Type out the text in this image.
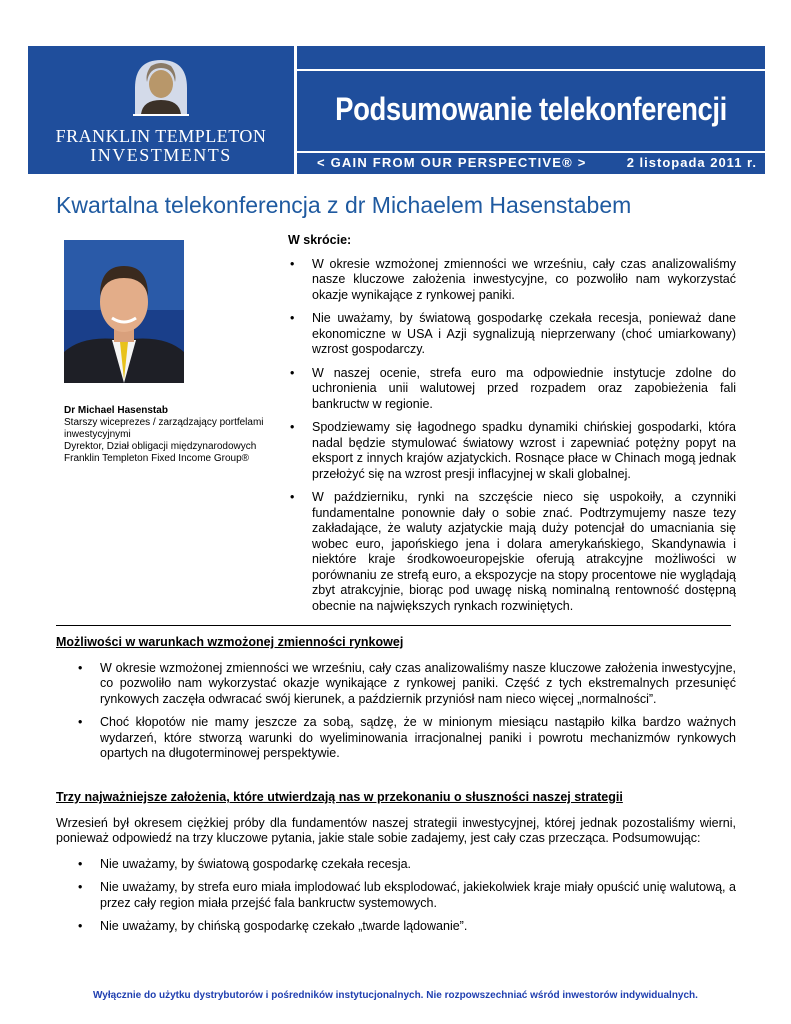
FRANKLIN TEMPLETON
INVESTMENTS
Podsumowanie telekonferencji
< GAIN FROM OUR PERSPECTIVE® >	2 listopada 2011 r.
Kwartalna telekonferencja z dr Michaelem Hasenstabem
Dr Michael Hasenstab
Starszy wiceprezes / zarządzający portfelami inwestycyjnymi
Dyrektor, Dział obligacji międzynarodowych
Franklin Templeton Fixed Income Group®
W skrócie:
• W okresie wzmożonej zmienności we wrześniu, cały czas analizowaliśmy nasze kluczowe założenia inwestycyjne, co pozwoliło nam wykorzystać okazje wynikające z rynkowej paniki.
• Nie uważamy, by światową gospodarkę czekała recesja, ponieważ dane ekonomiczne w USA i Azji sygnalizują nieprzerwany (choć umiarkowany) wzrost gospodarczy.
• W naszej ocenie, strefa euro ma odpowiednie instytucje zdolne do uchronienia unii walutowej przed rozpadem oraz zapobieżenia fali bankructw w regionie.
• Spodziewamy się łagodnego spadku dynamiki chińskiej gospodarki, która nadal będzie stymulować światowy wzrost i zapewniać potężny popyt na eksport z innych krajów azjatyckich. Rosnące płace w Chinach mogą jednak przełożyć się na wzrost presji inflacyjnej w skali globalnej.
• W październiku, rynki na szczęście nieco się uspokoiły, a czynniki fundamentalne ponownie dały o sobie znać. Podtrzymujemy nasze tezy zakładające, że waluty azjatyckie mają duży potencjał do umacniania się wobec euro, japońskiego jena i dolara amerykańskiego, Skandynawia i niektóre kraje środkowoeuropejskie oferują atrakcyjne możliwości w porównaniu ze strefą euro, a ekspozycje na stopy procentowe nie wyglądają zbyt atrakcyjnie, biorąc pod uwagę niską nominalną rentowność dostępną obecnie na największych rynkach rozwiniętych.
Możliwości w warunkach wzmożonej zmienności rynkowej
• W okresie wzmożonej zmienności we wrześniu, cały czas analizowaliśmy nasze kluczowe założenia inwestycyjne, co pozwoliło nam wykorzystać okazje wynikające z rynkowej paniki. Część z tych ekstremalnych przesunięć rynkowych zaczęła odwracać swój kierunek, a październik przyniósł nam nieco więcej „normalności”.
• Choć kłopotów nie mamy jeszcze za sobą, sądzę, że w minionym miesiącu nastąpiło kilka bardzo ważnych wydarzeń, które stworzą warunki do wyeliminowania irracjonalnej paniki i powrotu mechanizmów rynkowych opartych na długoterminowej perspektywie.
Trzy najważniejsze założenia, które utwierdzają nas w przekonaniu o słuszności naszej strategii
Wrzesień był okresem ciężkiej próby dla fundamentów naszej strategii inwestycyjnej, której jednak pozostaliśmy wierni, ponieważ odpowiedź na trzy kluczowe pytania, jakie stale sobie zadajemy, jest cały czas przecząca. Podsumowując:
• Nie uważamy, by światową gospodarkę czekała recesja.
• Nie uważamy, by strefa euro miała implodować lub eksplodować, jakiekolwiek kraje miały opuścić unię walutową, a przez cały region miała przejść fala bankructw systemowych.
• Nie uważamy, by chińską gospodarkę czekało „twarde lądowanie”.
Wyłącznie do użytku dystrybutorów i pośredników instytucjonalnych. Nie rozpowszechniać wśród inwestorów indywidualnych.
